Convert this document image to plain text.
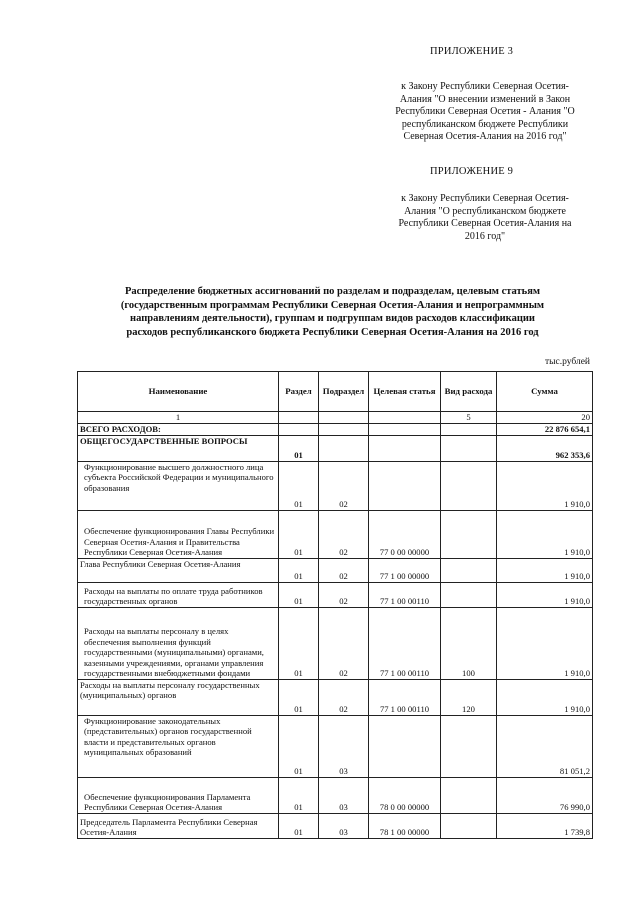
ПРИЛОЖЕНИЕ 3
к Закону Республики Северная Осетия-
Алания "О внесении изменений в Закон
Республики Северная Осетия - Алания "О
республиканском бюджете Республики
Северная Осетия-Алания на 2016 год"
ПРИЛОЖЕНИЕ 9
к Закону Республики Северная Осетия-
Алания "О республиканском бюджете
Республики Северная Осетия-Алания на
2016 год"
Распределение бюджетных ассигнований по разделам и подразделам, целевым статьям
(государственным программам Республики Северная Осетия-Алания и непрограммным
направлениям деятельности), группам и подгруппам видов расходов классификации
расходов республиканского бюджета Республики Северная Осетия-Алания на 2016 год
тыс.рублей
Наименование	Раздел	Подраздел	Целевая статья	Вид расхода	Сумма
1				5	20
ВСЕГО РАСХОДОВ:					22 876 654,1
ОБЩЕГОСУДАРСТВЕННЫЕ ВОПРОСЫ	01				962 353,6
Функционирование высшего должностного лица субъекта Российской Федерации и муниципального образования	01	02			1 910,0
Обеспечение функционирования Главы Республики Северная Осетия-Алания и Правительства Республики Северная Осетия-Алания	01	02	77 0 00 00000		1 910,0
Глава Республики Северная Осетия-Алания	01	02	77 1 00 00000		1 910,0
Расходы на выплаты по оплате труда работников государственных органов	01	02	77 1 00 00110		1 910,0
Расходы на выплаты персоналу в целях обеспечения выполнения функций государственными (муниципальными) органами, казенными учреждениями, органами управления государственными внебюджетными фондами	01	02	77 1 00 00110	100	1 910,0
Расходы на выплаты персоналу государственных (муниципальных) органов	01	02	77 1 00 00110	120	1 910,0
Функционирование законодательных (представительных) органов государственной власти и представительных органов муниципальных образований	01	03			81 051,2
Обеспечение функционирования Парламента Республики Северная Осетия-Алания	01	03	78 0 00 00000		76 990,0
Председатель Парламента Республики Северная Осетия-Алания	01	03	78 1 00 00000		1 739,8
